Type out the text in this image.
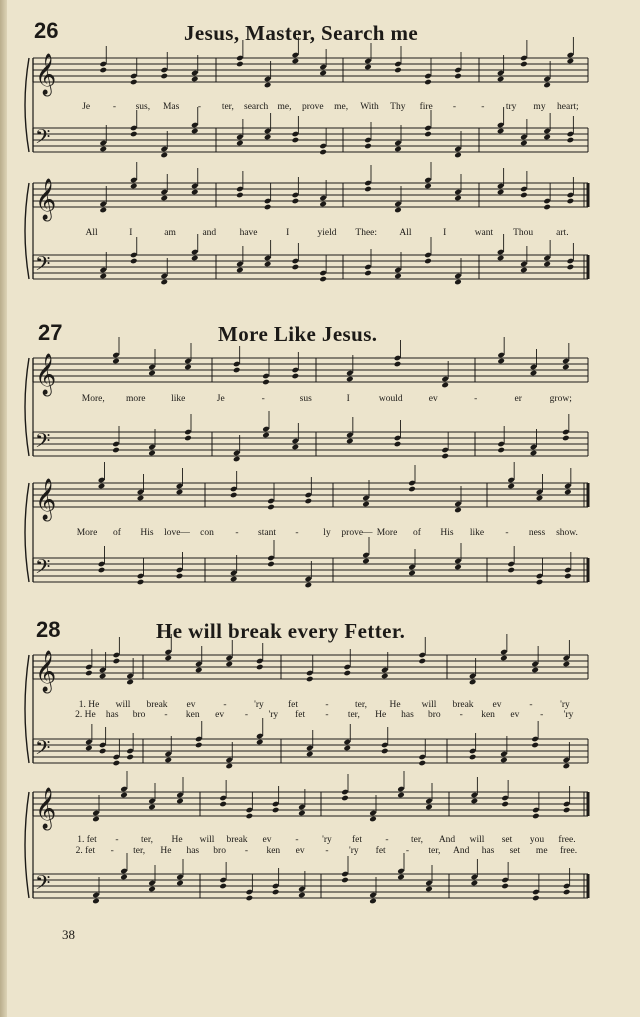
𝄞
𝄢
𝄞
𝄢
𝄞
𝄢
𝄞
𝄢
𝄞
𝄢
𝄞
𝄢
26	Jesus, Master, Search me
Je - sus, Mas - ter, search me, prove me, With Thy fire -	- try my heart;
All	I	am	and have	I	yield Thee: All	I	want Thou art.
27	More Like Jesus.
More, more	like	Je	-	sus	I	would	ev	-	er	grow;
More of His love— con - stant -	ly prove— More of His like - ness show.
28	He will break every Fetter.
1. He will break ev	-	'ry	fet	-	ter, He will break ev	-	'ry
2. He has bro - ken ev - 'ry fet - ter, He has bro - ken ev - 'ry
1. fet - ter, He will break ev	- 'ry fet - ter, And will set you free.
2. fet - ter, He has bro - ken ev - 'ry fet - ter, And has set me free.
38
